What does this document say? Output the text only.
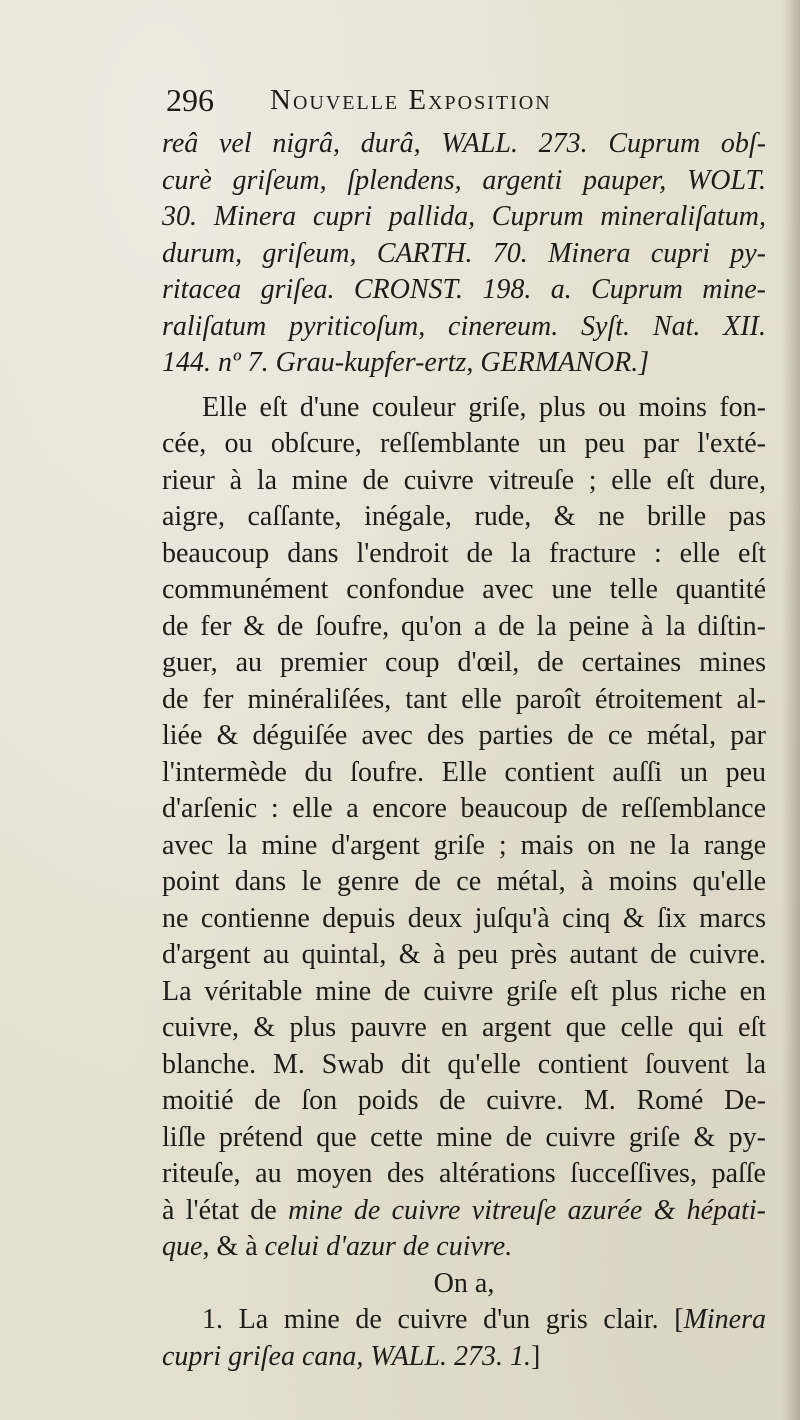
296 Nouvelle Exposition
reâ vel nigrâ, durâ, WALL. 273. Cuprum obſ-
curè griſeum, ſplendens, argenti pauper, WOLT.
30. Minera cupri pallida, Cuprum mineraliſatum,
durum, griſeum, CARTH. 70. Minera cupri py-
ritacea griſea. CRONST. 198. a. Cuprum mine-
raliſatum pyriticoſum, cinereum. Syſt. Nat. XII.
144. nº 7. Grau-kupfer-ertz, GERMANOR.]
Elle eſt d'une couleur griſe, plus ou moins fon-
cée, ou obſcure, reſſemblante un peu par l'exté-
rieur à la mine de cuivre vitreuſe ; elle eſt dure,
aigre, caſſante, inégale, rude, & ne brille pas
beaucoup dans l'endroit de la fracture : elle eſt
communément confondue avec une telle quantité
de fer & de ſoufre, qu'on a de la peine à la diſtin-
guer, au premier coup d'œil, de certaines mines
de fer minéraliſées, tant elle paroît étroitement al-
liée & déguiſée avec des parties de ce métal, par
l'intermède du ſoufre. Elle contient auſſi un peu
d'arſenic : elle a encore beaucoup de reſſemblance
avec la mine d'argent griſe ; mais on ne la range
point dans le genre de ce métal, à moins qu'elle
ne contienne depuis deux juſqu'à cinq & ſix marcs
d'argent au quintal, & à peu près autant de cuivre.
La véritable mine de cuivre griſe eſt plus riche en
cuivre, & plus pauvre en argent que celle qui eſt
blanche. M. Swab dit qu'elle contient ſouvent la
moitié de ſon poids de cuivre. M. Romé De-
liſle prétend que cette mine de cuivre griſe & py-
riteuſe, au moyen des altérations ſucceſſives, paſſe
à l'état de mine de cuivre vitreuſe azurée & hépati-
que, & à celui d'azur de cuivre.
On a,
1. La mine de cuivre d'un gris clair. [Minera
cupri griſea cana, WALL. 273. 1.]
